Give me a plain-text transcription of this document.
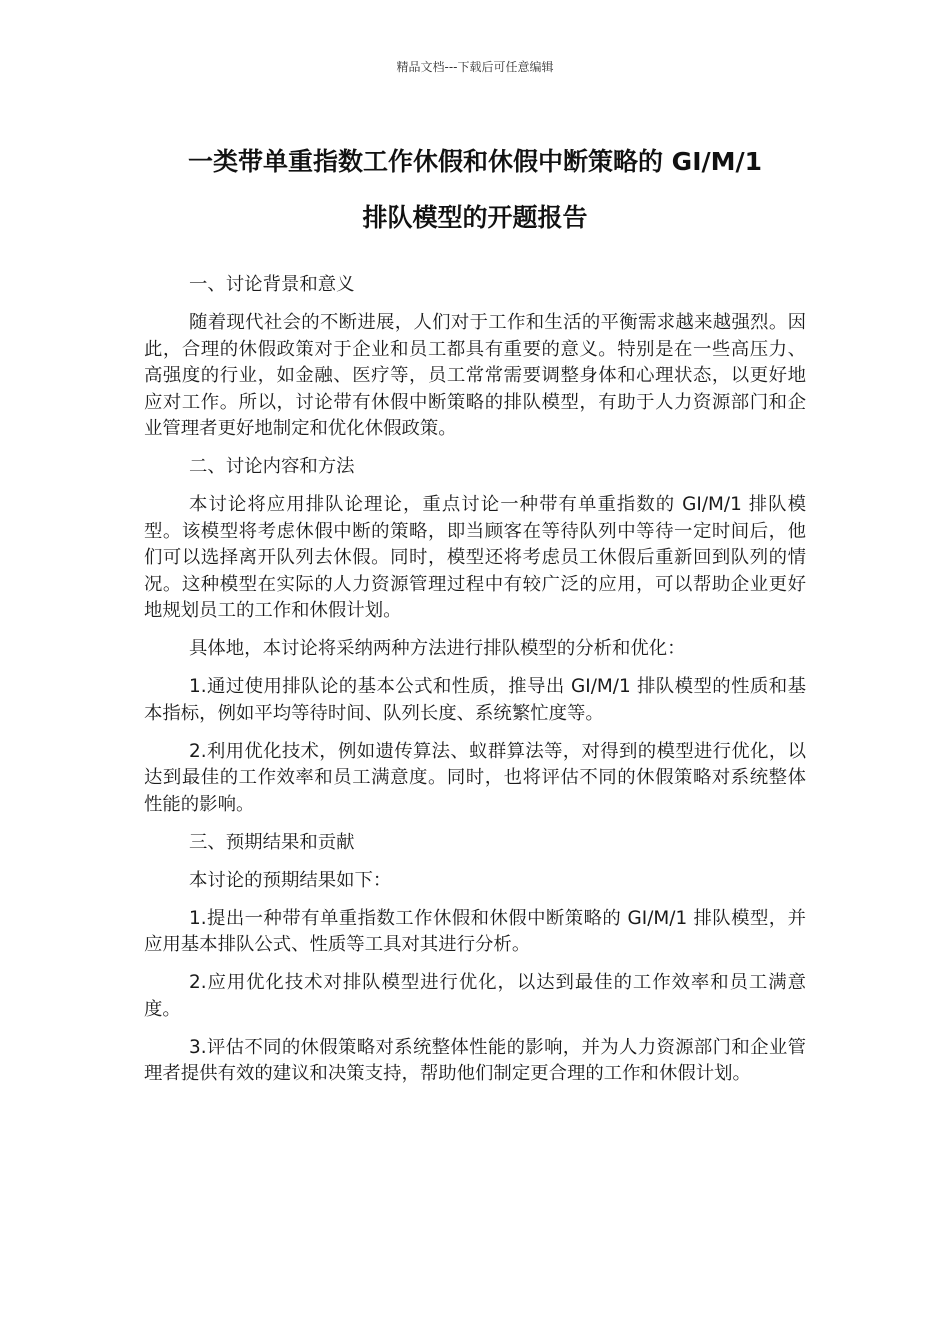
精品文档---下载后可任意编辑
一类带单重指数工作休假和休假中断策略的 GI/M/1
排队模型的开题报告

一、讨论背景和意义

随着现代社会的不断进展，人们对于工作和生活的平衡需求越来越强烈。因此，合理的休假政策对于企业和员工都具有重要的意义。特别是在一些高压力、高强度的行业，如金融、医疗等，员工常常需要调整身体和心理状态，以更好地应对工作。所以，讨论带有休假中断策略的排队模型，有助于人力资源部门和企业管理者更好地制定和优化休假政策。

二、讨论内容和方法

本讨论将应用排队论理论，重点讨论一种带有单重指数的 GI/M/1 排队模型。该模型将考虑休假中断的策略，即当顾客在等待队列中等待一定时间后，他们可以选择离开队列去休假。同时，模型还将考虑员工休假后重新回到队列的情况。这种模型在实际的人力资源管理过程中有较广泛的应用，可以帮助企业更好地规划员工的工作和休假计划。

具体地，本讨论将采纳两种方法进行排队模型的分析和优化：

1.通过使用排队论的基本公式和性质，推导出 GI/M/1 排队模型的性质和基本指标，例如平均等待时间、队列长度、系统繁忙度等。

2.利用优化技术，例如遗传算法、蚁群算法等，对得到的模型进行优化，以达到最佳的工作效率和员工满意度。同时，也将评估不同的休假策略对系统整体性能的影响。

三、预期结果和贡献

本讨论的预期结果如下：

1.提出一种带有单重指数工作休假和休假中断策略的 GI/M/1 排队模型，并应用基本排队公式、性质等工具对其进行分析。

2.应用优化技术对排队模型进行优化，以达到最佳的工作效率和员工满意度。

3.评估不同的休假策略对系统整体性能的影响，并为人力资源部门和企业管理者提供有效的建议和决策支持，帮助他们制定更合理的工作和休假计划。
